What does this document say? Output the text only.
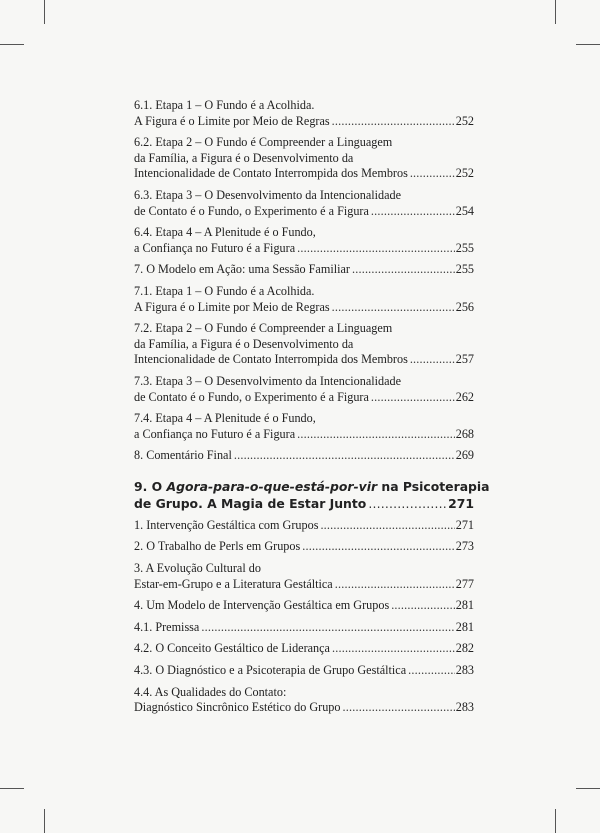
6.1. Etapa 1 – O Fundo é a Acolhida.
A Figura é o Limite por Meio de Regras .....	252
6.2. Etapa 2 – O Fundo é Compreender a Linguagem
da Família, a Figura é o Desenvolvimento da
Intencionalidade de Contato Interrompida dos Membros .....	252
6.3. Etapa 3 – O Desenvolvimento da Intencionalidade
de Contato é o Fundo, o Experimento é a Figura .....	254
6.4. Etapa 4 – A Plenitude é o Fundo,
a Confiança no Futuro é a Figura .....	255
7. O Modelo em Ação: uma Sessão Familiar .....	255
7.1. Etapa 1 – O Fundo é a Acolhida.
A Figura é o Limite por Meio de Regras .....	256
7.2. Etapa 2 – O Fundo é Compreender a Linguagem
da Família, a Figura é o Desenvolvimento da
Intencionalidade de Contato Interrompida dos Membros .....	257
7.3. Etapa 3 – O Desenvolvimento da Intencionalidade
de Contato é o Fundo, o Experimento é a Figura .....	262
7.4. Etapa 4 – A Plenitude é o Fundo,
a Confiança no Futuro é a Figura .....	268
8. Comentário Final .....	269
9. O Agora-para-o-que-está-por-vir na Psicoterapia
de Grupo. A Magia de Estar Junto .....	271
1. Intervenção Gestáltica com Grupos .....	271
2. O Trabalho de Perls em Grupos .....	273
3. A Evolução Cultural do
Estar-em-Grupo e a Literatura Gestáltica .....	277
4. Um Modelo de Intervenção Gestáltica em Grupos .....	281
4.1. Premissa .....	281
4.2. O Conceito Gestáltico de Liderança .....	282
4.3. O Diagnóstico e a Psicoterapia de Grupo Gestáltica .....	283
4.4. As Qualidades do Contato:
Diagnóstico Sincrônico Estético do Grupo .....	283
